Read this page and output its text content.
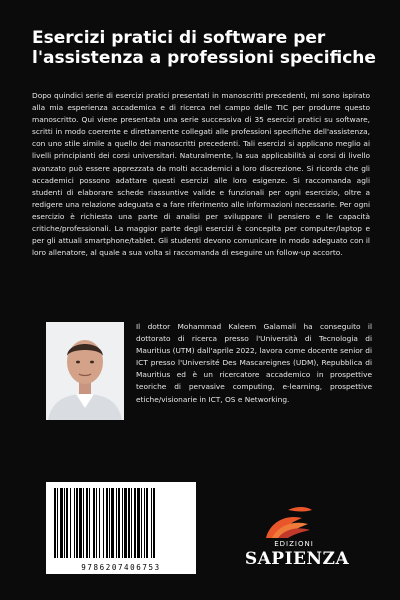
Esercizi pratici di software per l'assistenza a professioni specifiche

Dopo quindici serie di esercizi pratici presentati in manoscritti precedenti, mi sono ispirato alla mia esperienza accademica e di ricerca nel campo delle TIC per produrre questo manoscritto. Qui viene presentata una serie successiva di 35 esercizi pratici su software, scritti in modo coerente e direttamente collegati alle professioni specifiche dell'assistenza, con uno stile simile a quello dei manoscritti precedenti. Tali esercizi si applicano meglio ai livelli principianti dei corsi universitari. Naturalmente, la sua applicabilità ai corsi di livello avanzato può essere apprezzata da molti accademici a loro discrezione. Si ricorda che gli accademici possono adattare questi esercizi alle loro esigenze. Si raccomanda agli studenti di elaborare schede riassuntive valide e funzionali per ogni esercizio, oltre a redigere una relazione adeguata e a fare riferimento alle informazioni necessarie. Per ogni esercizio è richiesta una parte di analisi per sviluppare il pensiero e le capacità critiche/professionali. La maggior parte degli esercizi è concepita per computer/laptop e per gli attuali smartphone/tablet. Gli studenti devono comunicare in modo adeguato con il loro allenatore, al quale a sua volta si raccomanda di eseguire un follow-up accorto.

Il dottor Mohammad Kaleem Galamali ha conseguito il dottorato di ricerca presso l'Università di Tecnologia di Mauritius (UTM) dall'aprile 2022, lavora come docente senior di ICT presso l'Université Des Mascareignes (UDM), Repubblica di Mauritius ed è un ricercatore accademico in prospettive teoriche di pervasive computing, e-learning, prospettive etiche/visionarie in ICT, OS e Networking.

9786207406753
EDIZIONI
SAPIENZA
